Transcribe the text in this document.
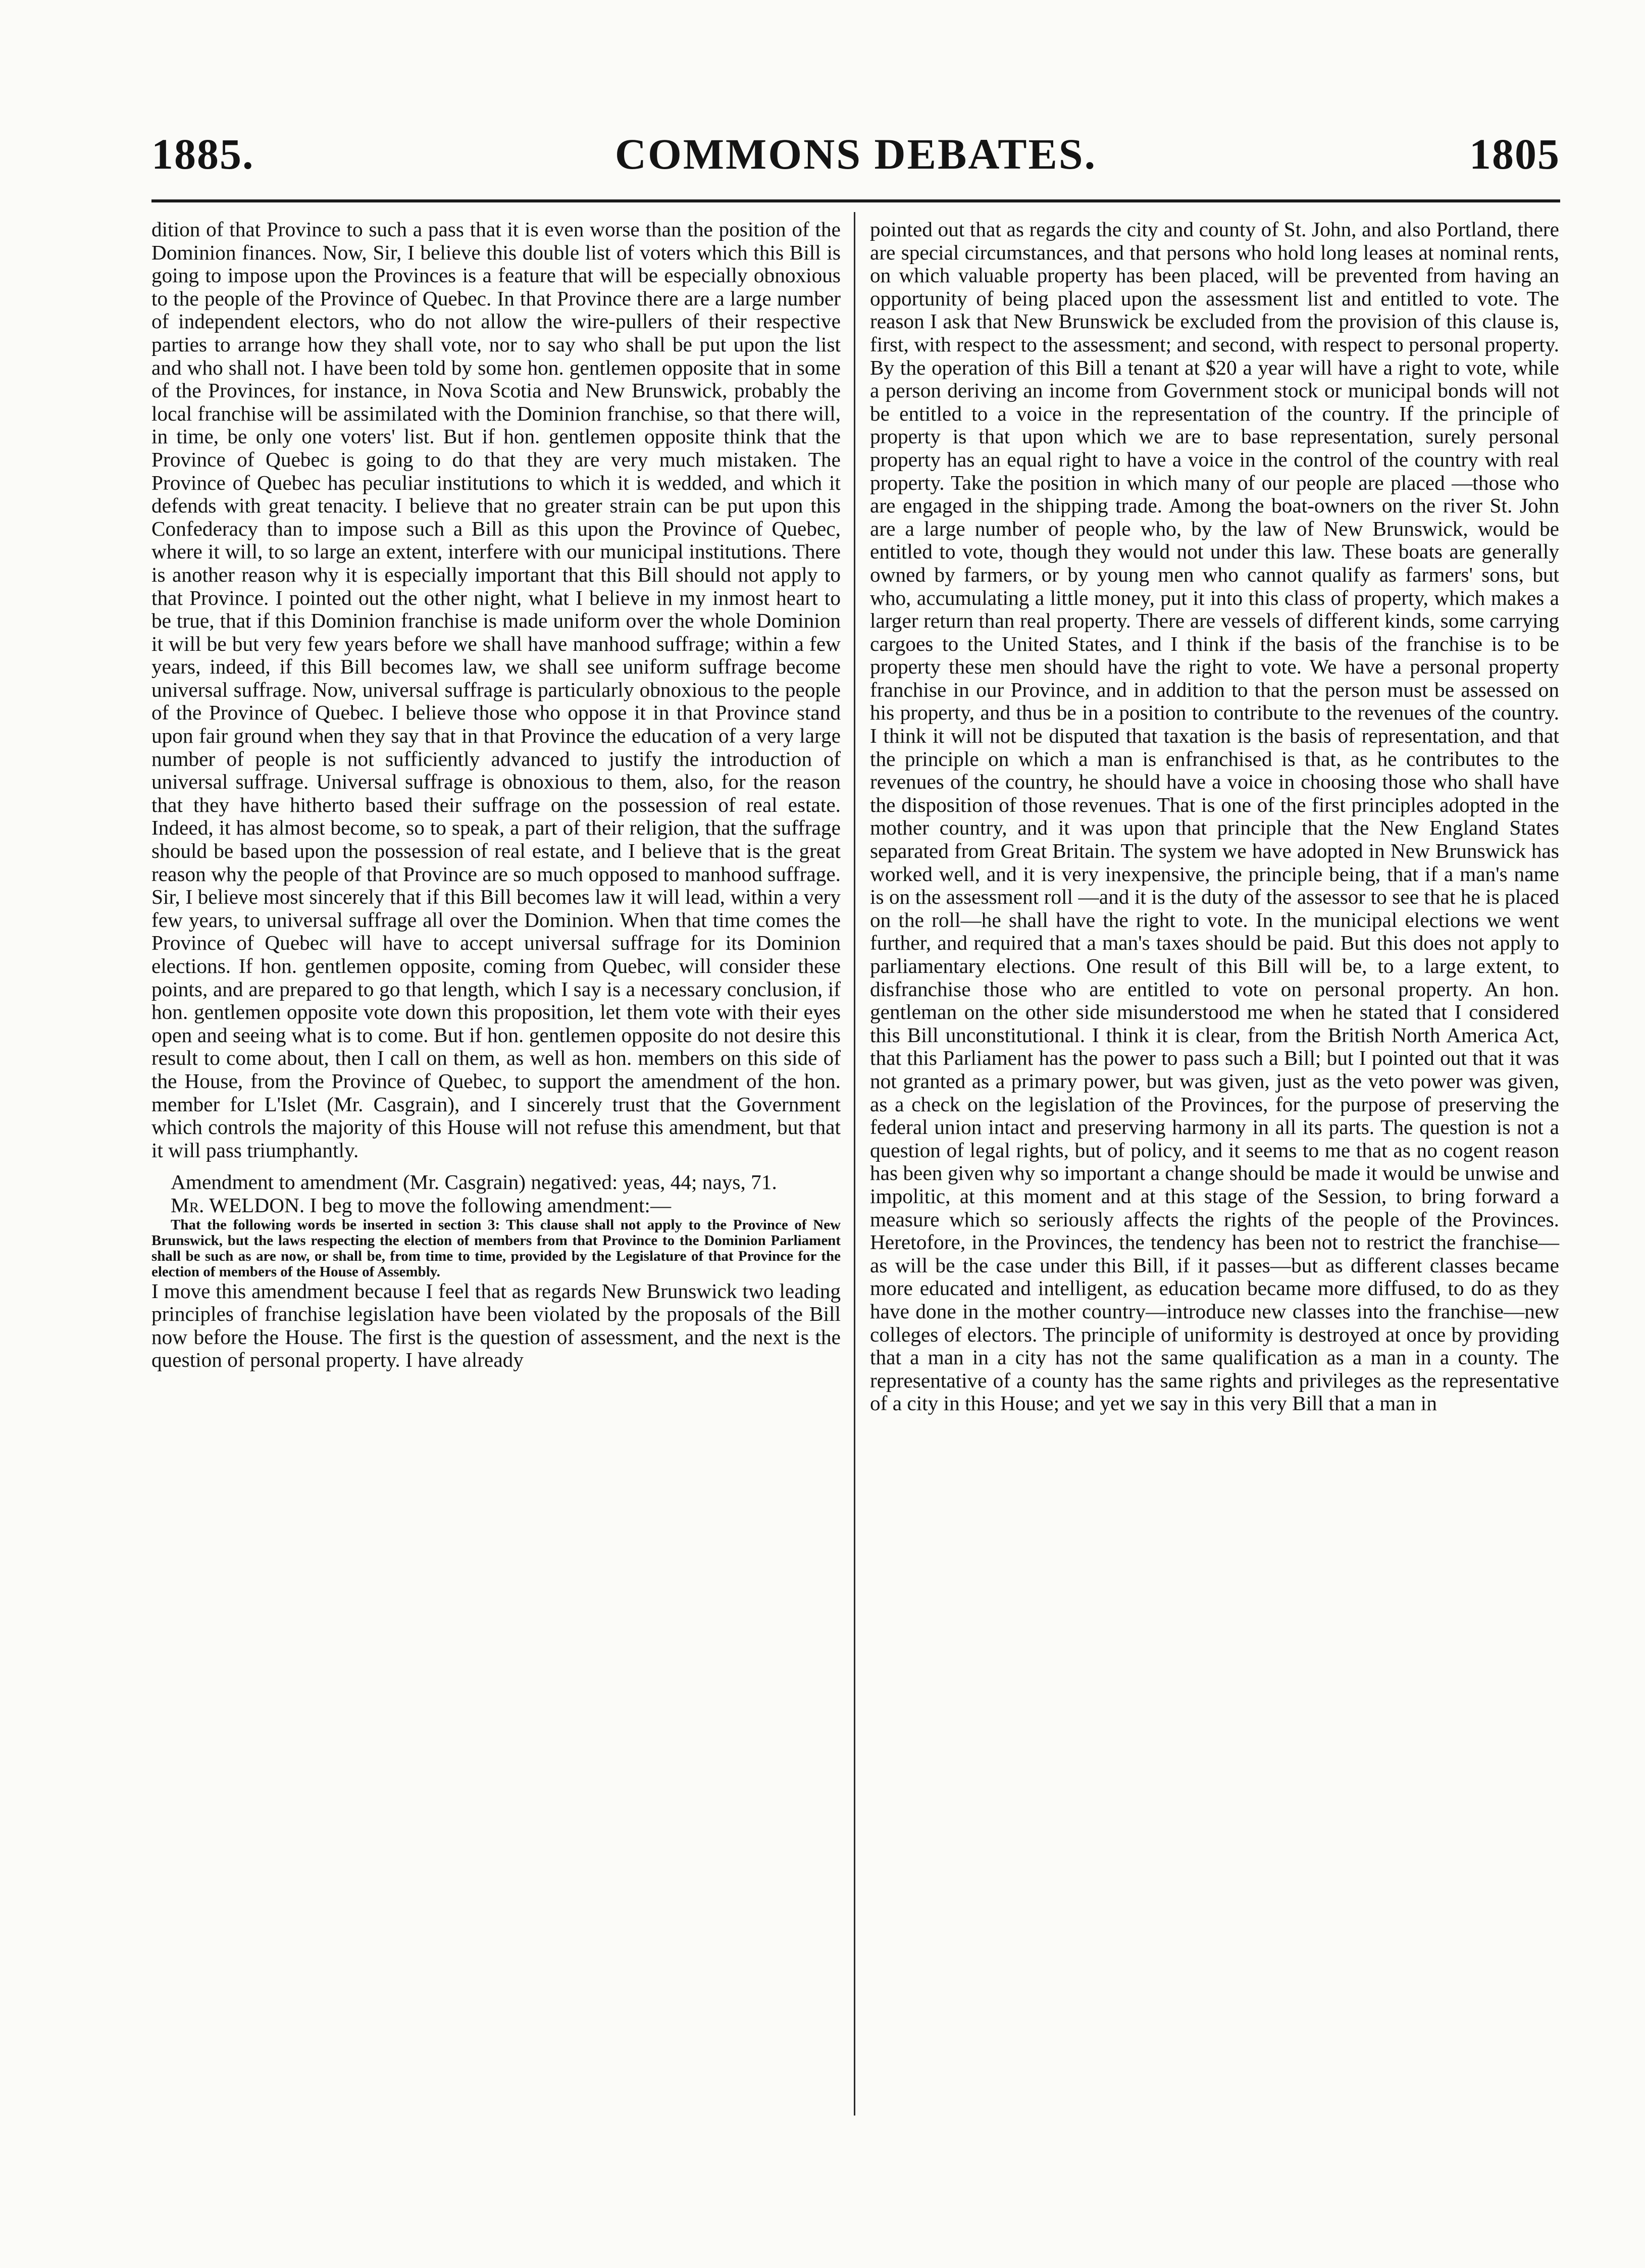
1885.	COMMONS DEBATES.	1805

dition of that Province to such a pass that it is even worse than the position of the Dominion finances. Now, Sir, I believe this double list of voters which this Bill is going to impose upon the Provinces is a feature that will be especially obnoxious to the people of the Province of Quebec. In that Province there are a large number of independent electors, who do not allow the wire-pullers of their respective parties to arrange how they shall vote, nor to say who shall be put upon the list and who shall not. I have been told by some hon. gentlemen opposite that in some of the Provinces, for instance, in Nova Scotia and New Brunswick, probably the local franchise will be assimilated with the Dominion franchise, so that there will, in time, be only one voters' list. But if hon. gentlemen opposite think that the Province of Quebec is going to do that they are very much mistaken. The Province of Quebec has peculiar institutions to which it is wedded, and which it defends with great tenacity. I believe that no greater strain can be put upon this Confederacy than to impose such a Bill as this upon the Province of Quebec, where it will, to so large an extent, interfere with our municipal institutions. There is another reason why it is especially important that this Bill should not apply to that Province. I pointed out the other night, what I believe in my inmost heart to be true, that if this Dominion franchise is made uniform over the whole Dominion it will be but very few years before we shall have manhood suffrage; within a few years, indeed, if this Bill becomes law, we shall see uniform suffrage become universal suffrage. Now, universal suffrage is particularly obnoxious to the people of the Province of Quebec. I believe those who oppose it in that Province stand upon fair ground when they say that in that Province the education of a very large number of people is not sufficiently advanced to justify the introduction of universal suffrage. Universal suffrage is obnoxious to them, also, for the reason that they have hitherto based their suffrage on the possession of real estate. Indeed, it has almost become, so to speak, a part of their religion, that the suffrage should be based upon the possession of real estate, and I believe that is the great reason why the people of that Province are so much opposed to manhood suffrage. Sir, I believe most sincerely that if this Bill becomes law it will lead, within a very few years, to universal suffrage all over the Dominion. When that time comes the Province of Quebec will have to accept universal suffrage for its Dominion elections. If hon. gentlemen opposite, coming from Quebec, will consider these points, and are prepared to go that length, which I say is a necessary conclusion, if hon. gentlemen opposite vote down this proposition, let them vote with their eyes open and seeing what is to come. But if hon. gentlemen opposite do not desire this result to come about, then I call on them, as well as hon. members on this side of the House, from the Province of Quebec, to support the amendment of the hon. member for L'Islet (Mr. Casgrain), and I sincerely trust that the Government which controls the majority of this House will not refuse this amendment, but that it will pass triumphantly.

Amendment to amendment (Mr. Casgrain) negatived: yeas, 44; nays, 71.

Mr. WELDON. I beg to move the following amendment:—

That the following words be inserted in section 3: This clause shall not apply to the Province of New Brunswick, but the laws respecting the election of members from that Province to the Dominion Parliament shall be such as are now, or shall be, from time to time, provided by the Legislature of that Province for the election of members of the House of Assembly.

I move this amendment because I feel that as regards New Brunswick two leading principles of franchise legislation have been violated by the proposals of the Bill now before the House. The first is the question of assessment, and the next is the question of personal property. I have already

pointed out that as regards the city and county of St. John, and also Portland, there are special circumstances, and that persons who hold long leases at nominal rents, on which valuable property has been placed, will be prevented from having an opportunity of being placed upon the assessment list and entitled to vote. The reason I ask that New Brunswick be excluded from the provision of this clause is, first, with respect to the assessment; and second, with respect to personal property. By the operation of this Bill a tenant at $20 a year will have a right to vote, while a person deriving an income from Government stock or municipal bonds will not be entitled to a voice in the representation of the country. If the principle of property is that upon which we are to base representation, surely personal property has an equal right to have a voice in the control of the country with real property. Take the position in which many of our people are placed —those who are engaged in the shipping trade. Among the boat-owners on the river St. John are a large number of people who, by the law of New Brunswick, would be entitled to vote, though they would not under this law. These boats are generally owned by farmers, or by young men who cannot qualify as farmers' sons, but who, accumulating a little money, put it into this class of property, which makes a larger return than real property. There are vessels of different kinds, some carrying cargoes to the United States, and I think if the basis of the franchise is to be property these men should have the right to vote. We have a personal property franchise in our Province, and in addition to that the person must be assessed on his property, and thus be in a position to contribute to the revenues of the country. I think it will not be disputed that taxation is the basis of representation, and that the principle on which a man is enfranchised is that, as he contributes to the revenues of the country, he should have a voice in choosing those who shall have the disposition of those revenues. That is one of the first principles adopted in the mother country, and it was upon that principle that the New England States separated from Great Britain. The system we have adopted in New Brunswick has worked well, and it is very inexpensive, the principle being, that if a man's name is on the assessment roll —and it is the duty of the assessor to see that he is placed on the roll—he shall have the right to vote. In the municipal elections we went further, and required that a man's taxes should be paid. But this does not apply to parliamentary elections. One result of this Bill will be, to a large extent, to disfranchise those who are entitled to vote on personal property. An hon. gentleman on the other side misunderstood me when he stated that I considered this Bill unconstitutional. I think it is clear, from the British North America Act, that this Parliament has the power to pass such a Bill; but I pointed out that it was not granted as a primary power, but was given, just as the veto power was given, as a check on the legislation of the Provinces, for the purpose of preserving the federal union intact and preserving harmony in all its parts. The question is not a question of legal rights, but of policy, and it seems to me that as no cogent reason has been given why so important a change should be made it would be unwise and impolitic, at this moment and at this stage of the Session, to bring forward a measure which so seriously affects the rights of the people of the Provinces. Heretofore, in the Provinces, the tendency has been not to restrict the franchise—as will be the case under this Bill, if it passes—but as different classes became more educated and intelligent, as education became more diffused, to do as they have done in the mother country—introduce new classes into the franchise—new colleges of electors. The principle of uniformity is destroyed at once by providing that a man in a city has not the same qualification as a man in a county. The representative of a county has the same rights and privileges as the representative of a city in this House; and yet we say in this very Bill that a man in
